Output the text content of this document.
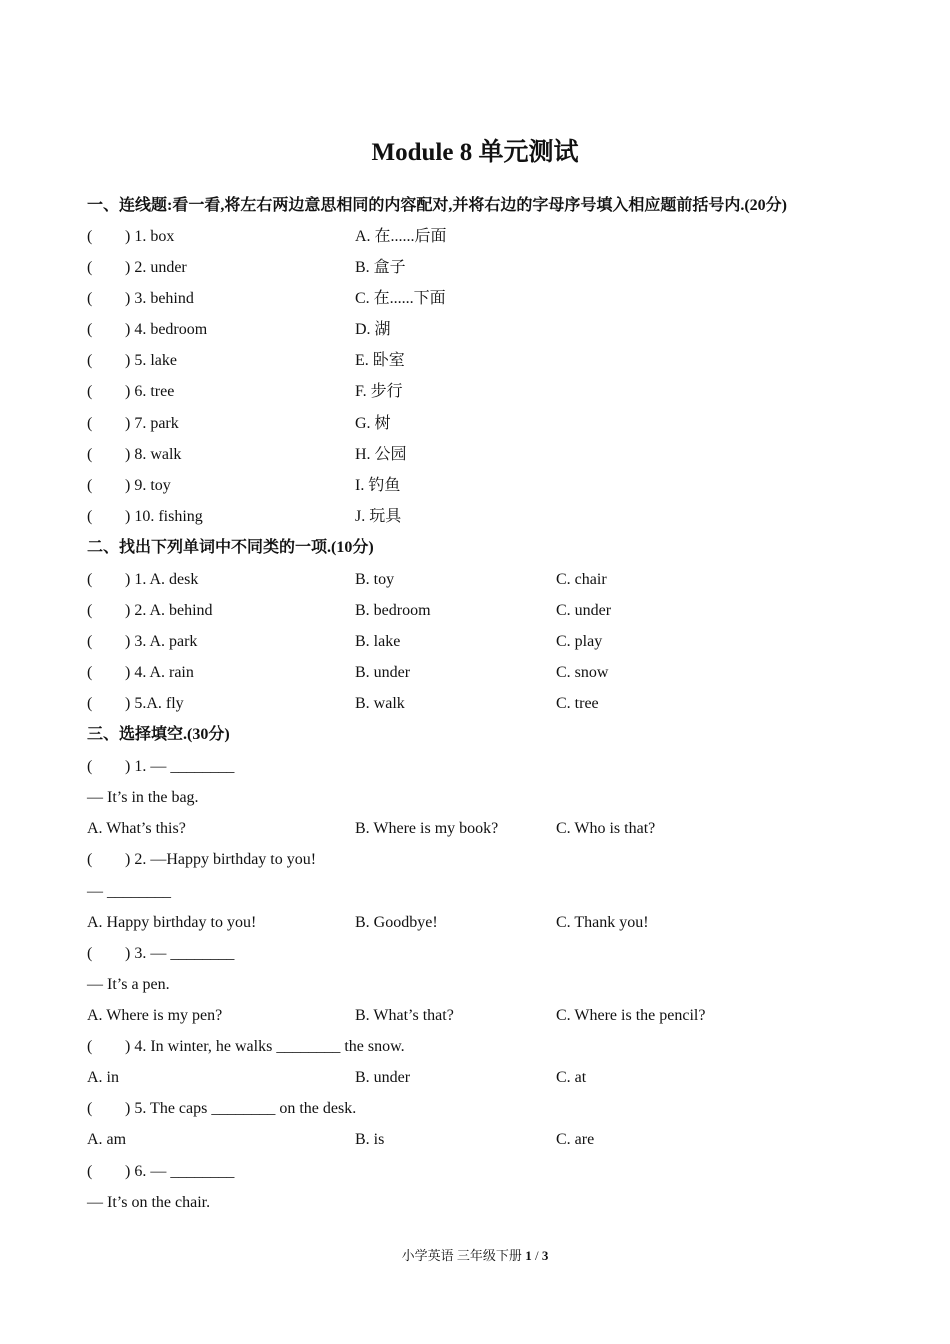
Module 8 单元测试
一、连线题:看一看,将左右两边意思相同的内容配对,并将右边的字母序号填入相应题前括号内.(20分)
( ) 1. box	A. 在......后面
( ) 2. under	B. 盒子
( ) 3. behind	C. 在......下面
( ) 4. bedroom	D. 湖
( ) 5. lake	E. 卧室
( ) 6. tree	F. 步行
( ) 7. park	G. 树
( ) 8. walk	H. 公园
( ) 9. toy	I. 钓鱼
( ) 10. fishing	J. 玩具
二、找出下列单词中不同类的一项.(10分)
( ) 1. A. desk	B. toy	C. chair
( ) 2. A. behind	B. bedroom	C. under
( ) 3. A. park	B. lake	C. play
( ) 4. A. rain	B. under	C. snow
( ) 5.A. fly	B. walk	C. tree
三、选择填空.(30分)
( ) 1. — ________
— It’s in the bag.
A. What’s this?	B. Where is my book?	C. Who is that?
( ) 2. —Happy birthday to you!
— ________
A. Happy birthday to you!	B. Goodbye!	C. Thank you!
( ) 3. — ________
— It’s a pen.
A. Where is my pen?	B. What’s that?	C. Where is the pencil?
( ) 4. In winter, he walks ________ the snow.
A. in	B. under	C. at
( ) 5. The caps ________ on the desk.
A. am	B. is	C. are
( ) 6. — ________
— It’s on the chair.
小学英语 三年级下册 1 / 3
